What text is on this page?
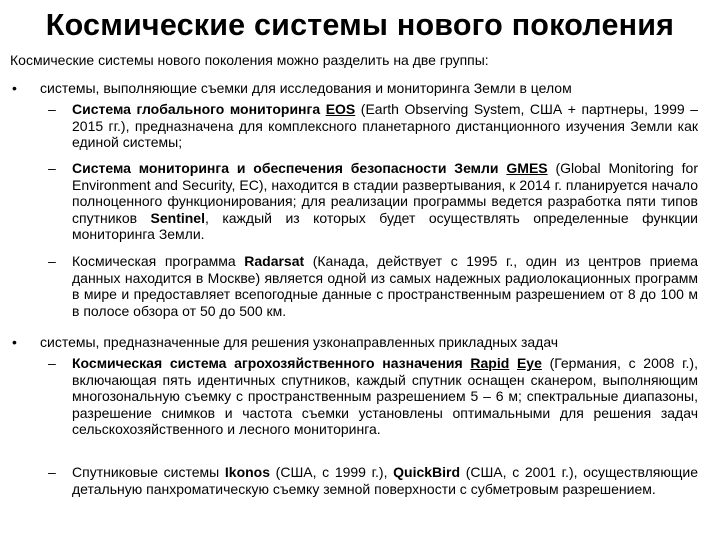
Космические системы нового поколения
Космические системы нового поколения можно разделить на две группы:
• системы, выполняющие съемки для исследования и мониторинга Земли в целом
– Система глобального мониторинга EOS (Earth Observing System, США + партнеры, 1999 – 2015 гг.), предназначена для комплексного планетарного дистанционного изучения Земли как единой системы;
– Система мониторинга и обеспечения безопасности Земли GMES (Global Monitoring for Environment and Security, EC), находится в стадии развертывания, к 2014 г. планируется начало полноценного функционирования; для реализации программы ведется разработка пяти типов спутников Sentinel, каждый из которых будет осуществлять определенные функции мониторинга Земли.
– Космическая программа Radarsat (Канада, действует с 1995 г., один из центров приема данных находится в Москве) является одной из самых надежных радиолокационных программ в мире и предоставляет всепогодные данные с пространственным разрешением от 8 до 100 м в полосе обзора от 50 до 500 км.
• системы, предназначенные для решения узконаправленных прикладных задач
– Космическая система агрохозяйственного назначения Rapid Eye (Германия, с 2008 г.), включающая пять идентичных спутников, каждый спутник оснащен сканером, выполняющим многозональную съемку с пространственным разрешением 5 – 6 м; спектральные диапазоны, разрешение снимков и частота съемки установлены оптимальными для решения задач сельскохозяйственного и лесного мониторинга.
– Спутниковые системы Ikonos (США, с 1999 г.), QuickBird (США, с 2001 г.), осуществляющие детальную панхроматическую съемку земной поверхности с субметровым разрешением.
